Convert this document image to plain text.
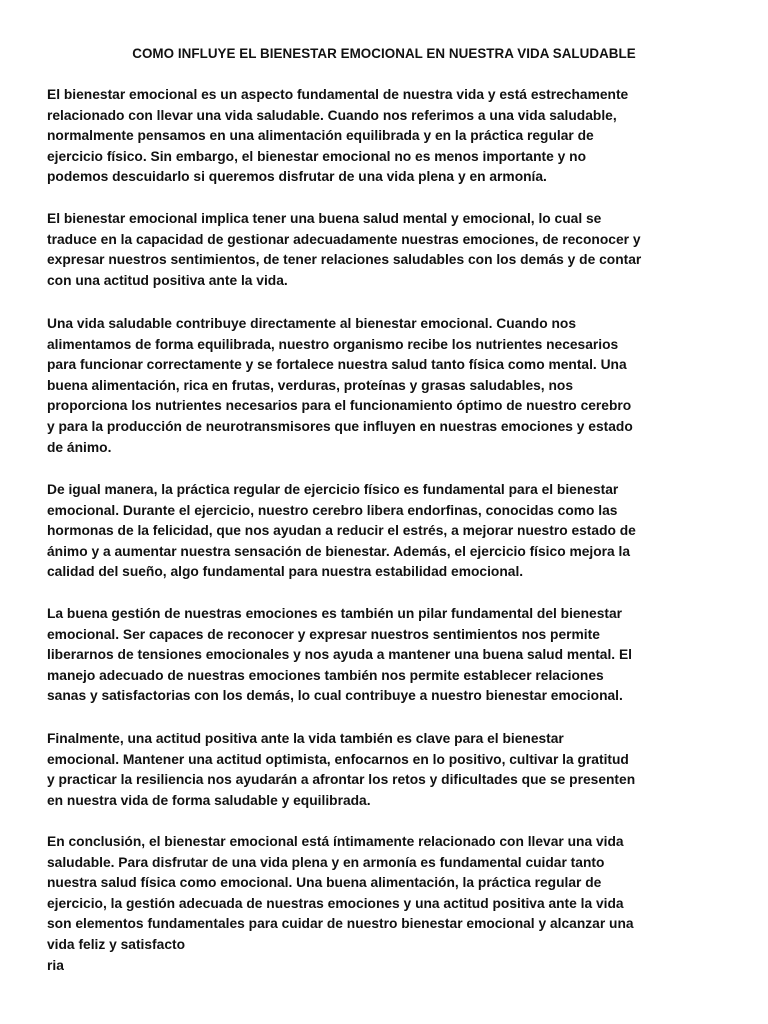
COMO INFLUYE EL BIENESTAR EMOCIONAL EN NUESTRA VIDA SALUDABLE
El bienestar emocional es un aspecto fundamental de nuestra vida y está estrechamente
relacionado con llevar una vida saludable. Cuando nos referimos a una vida saludable,
normalmente pensamos en una alimentación equilibrada y en la práctica regular de
ejercicio físico. Sin embargo, el bienestar emocional no es menos importante y no
podemos descuidarlo si queremos disfrutar de una vida plena y en armonía.
El bienestar emocional implica tener una buena salud mental y emocional, lo cual se
traduce en la capacidad de gestionar adecuadamente nuestras emociones, de reconocer y
expresar nuestros sentimientos, de tener relaciones saludables con los demás y de contar
con una actitud positiva ante la vida.
Una vida saludable contribuye directamente al bienestar emocional. Cuando nos
alimentamos de forma equilibrada, nuestro organismo recibe los nutrientes necesarios
para funcionar correctamente y se fortalece nuestra salud tanto física como mental. Una
buena alimentación, rica en frutas, verduras, proteínas y grasas saludables, nos
proporciona los nutrientes necesarios para el funcionamiento óptimo de nuestro cerebro
y para la producción de neurotransmisores que influyen en nuestras emociones y estado
de ánimo.
De igual manera, la práctica regular de ejercicio físico es fundamental para el bienestar
emocional. Durante el ejercicio, nuestro cerebro libera endorfinas, conocidas como las
hormonas de la felicidad, que nos ayudan a reducir el estrés, a mejorar nuestro estado de
ánimo y a aumentar nuestra sensación de bienestar. Además, el ejercicio físico mejora la
calidad del sueño, algo fundamental para nuestra estabilidad emocional.
La buena gestión de nuestras emociones es también un pilar fundamental del bienestar
emocional. Ser capaces de reconocer y expresar nuestros sentimientos nos permite
liberarnos de tensiones emocionales y nos ayuda a mantener una buena salud mental. El
manejo adecuado de nuestras emociones también nos permite establecer relaciones
sanas y satisfactorias con los demás, lo cual contribuye a nuestro bienestar emocional.
Finalmente, una actitud positiva ante la vida también es clave para el bienestar
emocional. Mantener una actitud optimista, enfocarnos en lo positivo, cultivar la gratitud
y practicar la resiliencia nos ayudarán a afrontar los retos y dificultades que se presenten
en nuestra vida de forma saludable y equilibrada.
En conclusión, el bienestar emocional está íntimamente relacionado con llevar una vida
saludable. Para disfrutar de una vida plena y en armonía es fundamental cuidar tanto
nuestra salud física como emocional. Una buena alimentación, la práctica regular de
ejercicio, la gestión adecuada de nuestras emociones y una actitud positiva ante la vida
son elementos fundamentales para cuidar de nuestro bienestar emocional y alcanzar una
vida feliz y satisfacto
ria
